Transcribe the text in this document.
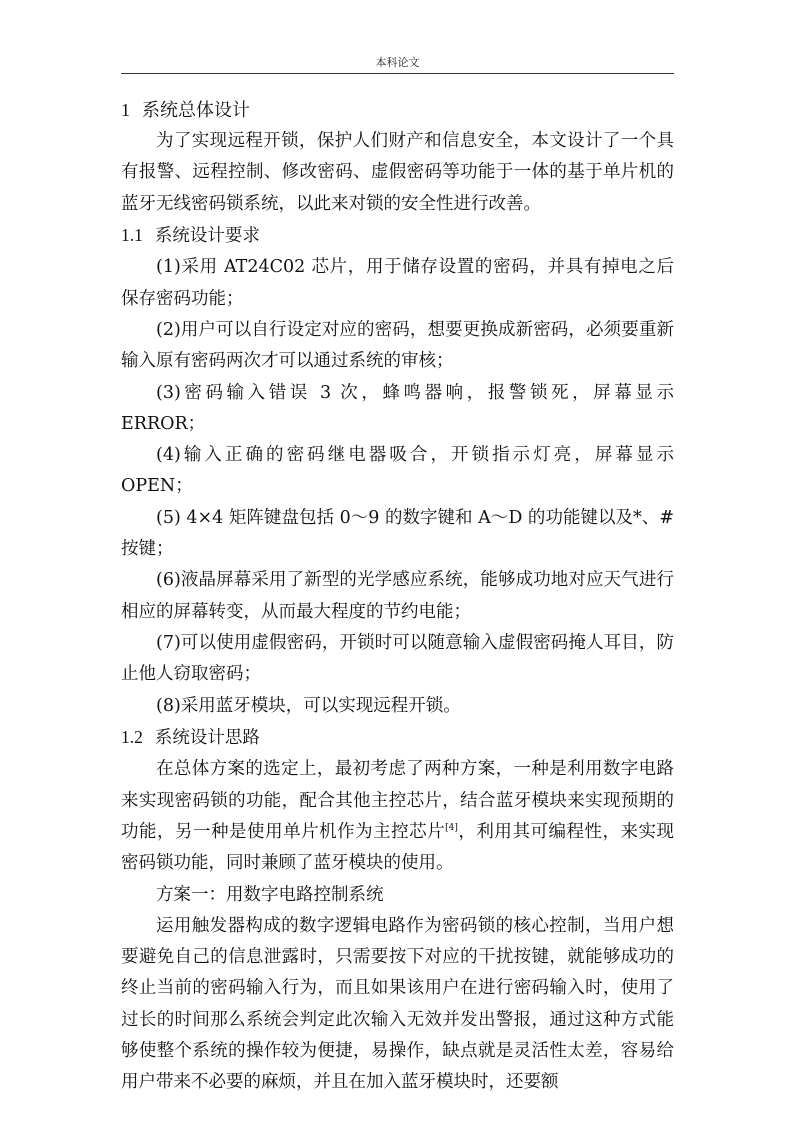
本科论文

1 系统总体设计

为了实现远程开锁，保护人们财产和信息安全，本文设计了一个具有报警、远程控制、修改密码、虚假密码等功能于一体的基于单片机的蓝牙无线密码锁系统，以此来对锁的安全性进行改善。

1.1 系统设计要求

(1)采用 AT24C02 芯片，用于储存设置的密码，并具有掉电之后保存密码功能；

(2)用户可以自行设定对应的密码，想要更换成新密码，必须要重新输入原有密码两次才可以通过系统的审核；

(3)密码输入错误 3 次，蜂鸣器响，报警锁死，屏幕显示 ERROR；

(4)输入正确的密码继电器吸合，开锁指示灯亮，屏幕显示 OPEN；

(5) 4×4 矩阵键盘包括 0～9 的数字键和 A～D 的功能键以及*、#按键；

(6)液晶屏幕采用了新型的光学感应系统，能够成功地对应天气进行相应的屏幕转变，从而最大程度的节约电能；

(7)可以使用虚假密码，开锁时可以随意输入虚假密码掩人耳目，防止他人窃取密码；

(8)采用蓝牙模块，可以实现远程开锁。

1.2 系统设计思路

在总体方案的选定上，最初考虑了两种方案，一种是利用数字电路来实现密码锁的功能，配合其他主控芯片，结合蓝牙模块来实现预期的功能，另一种是使用单片机作为主控芯片[4]，利用其可编程性，来实现密码锁功能，同时兼顾了蓝牙模块的使用。

方案一：用数字电路控制系统

运用触发器构成的数字逻辑电路作为密码锁的核心控制，当用户想要避免自己的信息泄露时，只需要按下对应的干扰按键，就能够成功的终止当前的密码输入行为，而且如果该用户在进行密码输入时，使用了过长的时间那么系统会判定此次输入无效并发出警报，通过这种方式能够使整个系统的操作较为便捷，易操作，缺点就是灵活性太差，容易给用户带来不必要的麻烦，并且在加入蓝牙模块时，还要额
